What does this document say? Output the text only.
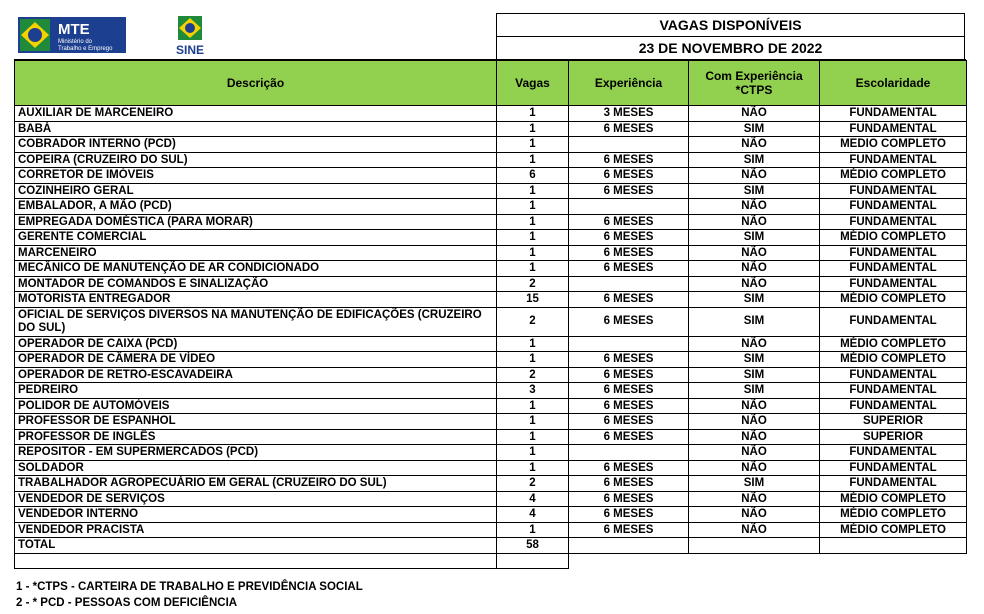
MTE
Ministério do
Trabalho e Emprego	SINE
VAGAS DISPONÍVEIS
23 DE NOVEMBRO DE 2022
Descrição	Vagas	Experiência	Com Experiência *CTPS	Escolaridade
AUXILIAR DE MARCENEIRO	1	3 MESES	NÃO	FUNDAMENTAL
BABÁ	1	6 MESES	SIM	FUNDAMENTAL
COBRADOR INTERNO (PCD)	1		NÃO	MEDIO COMPLETO
COPEIRA (CRUZEIRO DO SUL)	1	6 MESES	SIM	FUNDAMENTAL
CORRETOR DE IMÓVEIS	6	6 MESES	NÃO	MÉDIO COMPLETO
COZINHEIRO GERAL	1	6 MESES	SIM	FUNDAMENTAL
EMBALADOR, A MÃO (PCD)	1		NÃO	FUNDAMENTAL
EMPREGADA DOMÉSTICA (PARA MORAR)	1	6 MESES	NÃO	FUNDAMENTAL
GERENTE COMERCIAL	1	6 MESES	SIM	MÉDIO COMPLETO
MARCENEIRO	1	6 MESES	NÃO	FUNDAMENTAL
MECÂNICO DE MANUTENÇÃO DE AR CONDICIONADO	1	6 MESES	NÃO	FUNDAMENTAL
MONTADOR DE COMANDOS E SINALIZAÇÃO	2		NÃO	FUNDAMENTAL
MOTORISTA ENTREGADOR	15	6 MESES	SIM	MÉDIO COMPLETO
OFICIAL DE SERVIÇOS DIVERSOS NA MANUTENÇÃO DE EDIFICAÇÕES (CRUZEIRO DO SUL)	2	6 MESES	SIM	FUNDAMENTAL
OPERADOR DE CAIXA (PCD)	1		NÃO	MÉDIO COMPLETO
OPERADOR DE CÂMERA DE VÍDEO	1	6 MESES	SIM	MÉDIO COMPLETO
OPERADOR DE RETRO-ESCAVADEIRA	2	6 MESES	SIM	FUNDAMENTAL
PEDREIRO	3	6 MESES	SIM	FUNDAMENTAL
POLIDOR DE AUTOMÓVEIS	1	6 MESES	NÃO	FUNDAMENTAL
PROFESSOR DE ESPANHOL	1	6 MESES	NÃO	SUPERIOR
PROFESSOR DE INGLÊS	1	6 MESES	NÃO	SUPERIOR
REPOSITOR - EM SUPERMERCADOS (PCD)	1		NÃO	FUNDAMENTAL
SOLDADOR	1	6 MESES	NÃO	FUNDAMENTAL
TRABALHADOR AGROPECUÁRIO EM GERAL (CRUZEIRO DO SUL)	2	6 MESES	SIM	FUNDAMENTAL
VENDEDOR DE SERVIÇOS	4	6 MESES	NÃO	MÉDIO COMPLETO
VENDEDOR INTERNO	4	6 MESES	NÃO	MÉDIO COMPLETO
VENDEDOR PRACISTA	1	6 MESES	NÃO	MÉDIO COMPLETO
TOTAL	58			

1 - *CTPS - CARTEIRA DE TRABALHO E PREVIDÊNCIA SOCIAL
2 - * PCD - PESSOAS COM DEFICIÊNCIA
